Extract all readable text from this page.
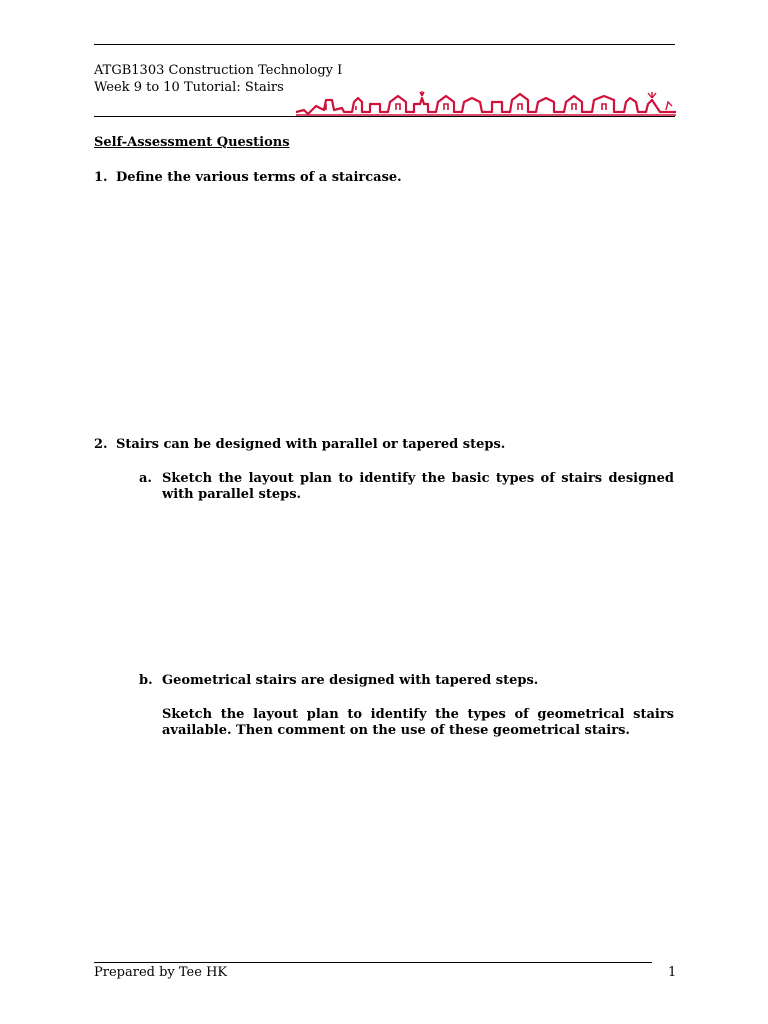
ATGB1303 Construction Technology I
Week 9 to 10 Tutorial: Stairs
Self-Assessment Questions
1. Define the various terms of a staircase.
2. Stairs can be designed with parallel or tapered steps.
a. Sketch the layout plan to identify the basic types of stairs designed with parallel steps.
b. Geometrical stairs are designed with tapered steps.
Sketch the layout plan to identify the types of geometrical stairs available. Then comment on the use of these geometrical stairs.
Prepared by Tee HK	1
